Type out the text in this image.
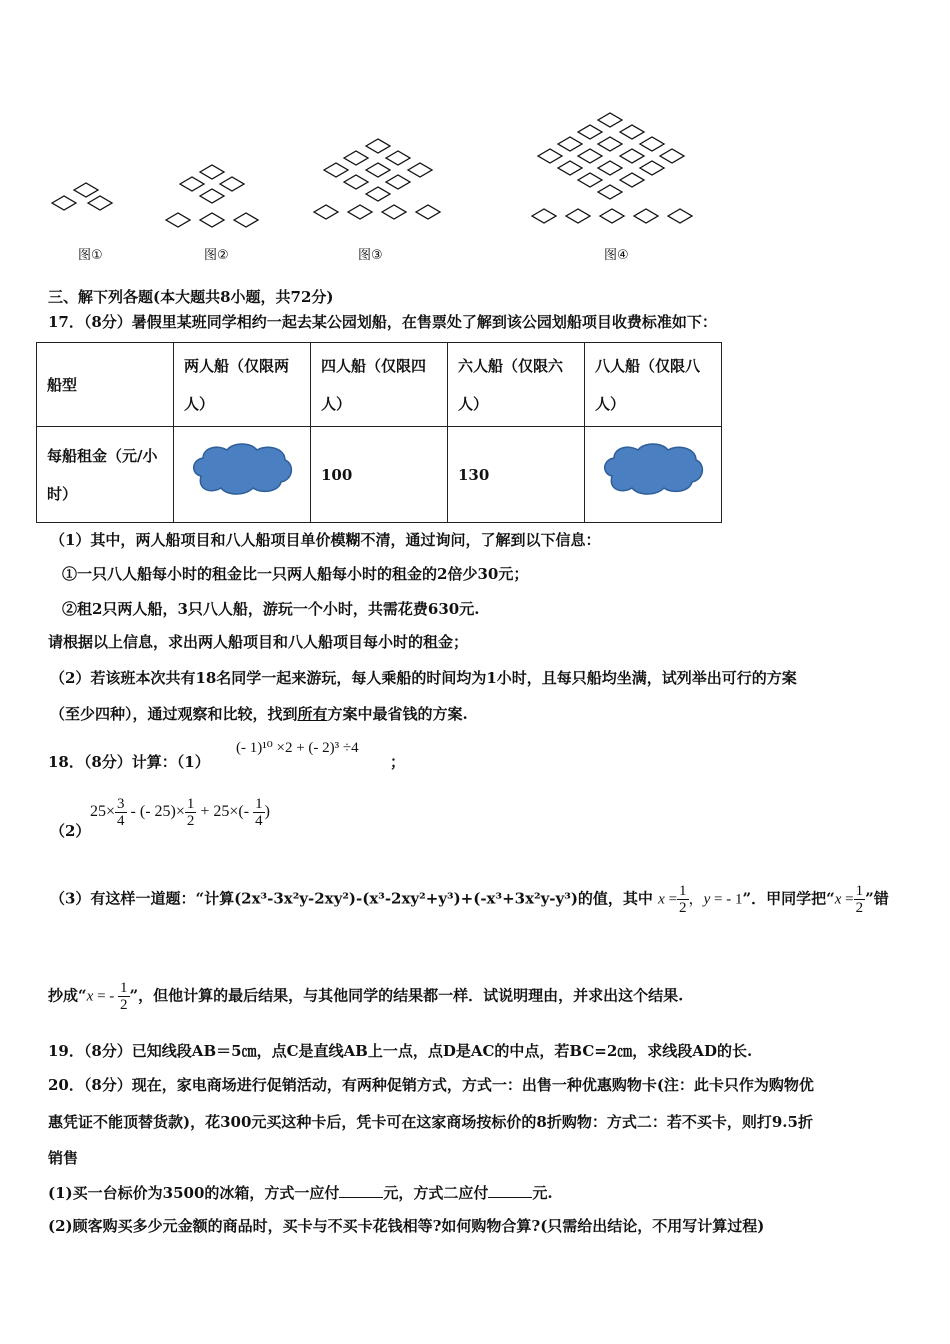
图①	图②	图③	图④
三、解下列各题(本大题共8小题，共72分)
17．（8分）暑假里某班同学相约一起去某公园划船，在售票处了解到该公园划船项目收费标准如下：
船型	两人船（仅限两人）	四人船（仅限四人）	六人船（仅限六人）	八人船（仅限八人）
每船租金（元/小时）		100	130	
（1）其中，两人船项目和八人船项目单价模糊不清，通过询问，了解到以下信息：
①一只八人船每小时的租金比一只两人船每小时的租金的2倍少30元；
②租2只两人船，3只八人船，游玩一个小时，共需花费630元.
请根据以上信息，求出两人船项目和八人船项目每小时的租金；
（2）若该班本次共有18名同学一起来游玩，每人乘船的时间均为1小时，且每只船均坐满，试列举出可行的方案
（至少四种），通过观察和比较，找到所有方案中最省钱的方案.
18．（8分）计算：（1）
(- 1)¹⁰ ×2 + (- 2)³ ÷4
；
（2）
$25\times \frac{3}{4}$ - (- $25)\times \frac{1}{2} + 25\times(- \frac{1}{4}$ )
（3）有这样一道题：“计算(2x³-3x²y-2xy²)-(x³-2xy²+y³)+(-x³+3x²y-y³)的值，其中 $x = \frac{1}{2}$ ，y = - 1”．甲同学把“$x = \frac{1}{2}$ ”错
抄成“x = - $\frac{1}{2}$ ”，但他计算的最后结果，与其他同学的结果都一样．试说明理由，并求出这个结果.
19．（8分）已知线段AB＝5㎝，点C是直线AB上一点，点D是AC的中点，若BC=2㎝，求线段AD的长.
20．（8分）现在，家电商场进行促销活动，有两种促销方式，方式一：出售一种优惠购物卡(注：此卡只作为购物优
惠凭证不能顶替货款)，花300元买这种卡后，凭卡可在这家商场按标价的8折购物：方式二：若不买卡，则打9.5折
销售
(1)买一台标价为3500的冰箱，方式一应付	元，方式二应付	元.
(2)顾客购买多少元金额的商品时，买卡与不买卡花钱相等?如何购物合算?(只需给出结论，不用写计算过程)
